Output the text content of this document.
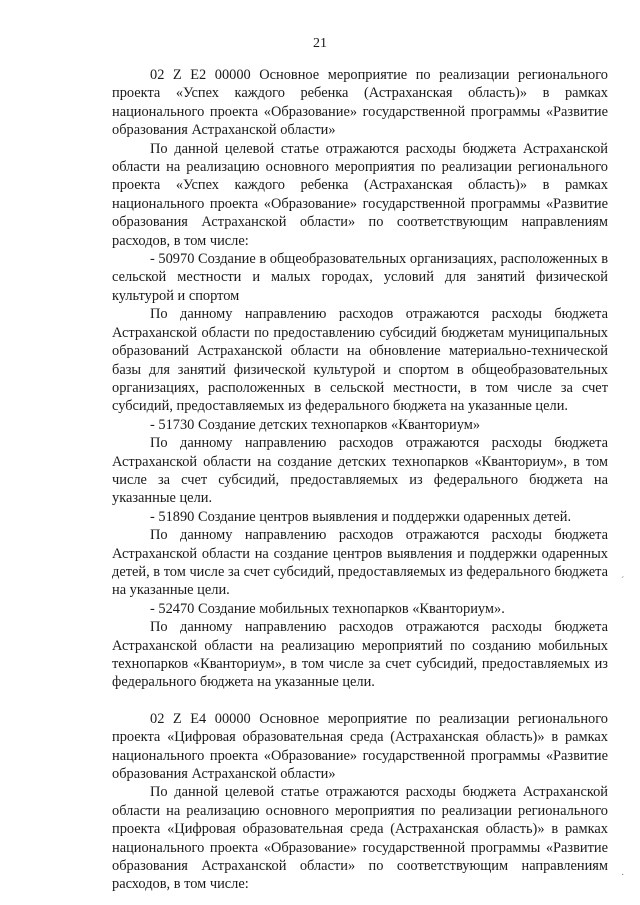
21

02 Z E2 00000 Основное мероприятие по реализации регионального проекта «Успех каждого ребенка (Астраханская область)» в рамках национального проекта «Образование» государственной программы «Развитие образования Астраханской области»

По данной целевой статье отражаются расходы бюджета Астраханской области на реализацию основного мероприятия по реализации регионального проекта «Успех каждого ребенка (Астраханская область)» в рамках национального проекта «Образование» государственной программы «Развитие образования Астраханской области» по соответствующим направлениям расходов, в том числе:

- 50970 Создание в общеобразовательных организациях, расположенных в сельской местности и малых городах, условий для занятий физической культурой и спортом

По данному направлению расходов отражаются расходы бюджета Астраханской области по предоставлению субсидий бюджетам муниципальных образований Астраханской области на обновление материально-технической базы для занятий физической культурой и спортом в общеобразовательных организациях, расположенных в сельской местности, в том числе за счет субсидий, предоставляемых из федерального бюджета на указанные цели.

- 51730 Создание детских технопарков «Кванториум»

По данному направлению расходов отражаются расходы бюджета Астраханской области на создание детских технопарков «Кванториум», в том числе за счет субсидий, предоставляемых из федерального бюджета на указанные цели.

- 51890 Создание центров выявления и поддержки одаренных детей.

По данному направлению расходов отражаются расходы бюджета Астраханской области на создание центров выявления и поддержки одаренных детей, в том числе за счет субсидий, предоставляемых из федерального бюджета на указанные цели.

- 52470 Создание мобильных технопарков «Кванториум».

По данному направлению расходов отражаются расходы бюджета Астраханской области на реализацию мероприятий по созданию мобильных технопарков «Кванториум», в том числе за счет субсидий, предоставляемых из федерального бюджета на указанные цели.

02 Z E4 00000 Основное мероприятие по реализации регионального проекта «Цифровая образовательная среда (Астраханская область)» в рамках национального проекта «Образование» государственной программы «Развитие образования Астраханской области»

По данной целевой статье отражаются расходы бюджета Астраханской области на реализацию основного мероприятия по реализации регионального проекта «Цифровая образовательная среда (Астраханская область)» в рамках национального проекта «Образование» государственной программы «Развитие образования Астраханской области» по соответствующим направлениям расходов, в том числе:

´
·
